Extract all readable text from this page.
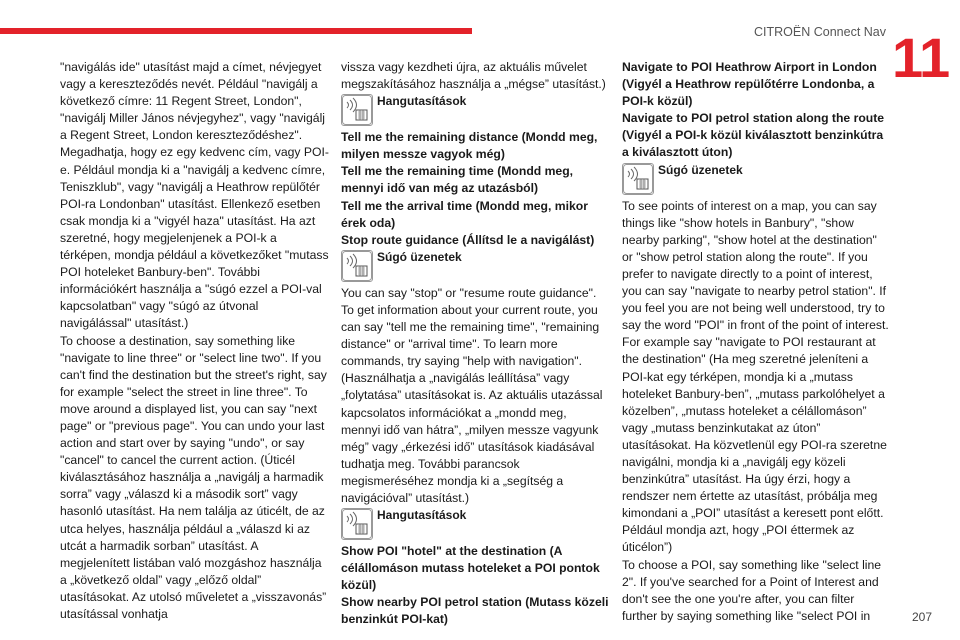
CITROËN Connect Nav 11

"navigálás ide" utasítást majd a címet, névjegyet vagy a kereszteződés nevét. Például "navigálj a következő címre: 11 Regent Street, London", "navigálj Miller János névjegyhez", vagy "navigálj a Regent Street, London kereszteződéshez". Megadhatja, hogy ez egy kedvenc cím, vagy POI-e. Például mondja ki a "navigálj a kedvenc címre, Teniszklub", vagy "navigálj a Heathrow repülőtér POI-ra Londonban" utasítást. Ellenkező esetben csak mondja ki a "vigyél haza" utasítást. Ha azt szeretné, hogy megjelenjenek a POI-k a térképen, mondja például a következőket "mutass POI hoteleket Banbury-ben". További információkért használja a "súgó ezzel a POI-val kapcsolatban" vagy "súgó az útvonal navigálással" utasítást.)

To choose a destination, say something like "navigate to line three" or "select line two". If you can't find the destination but the street's right, say for example "select the street in line three". To move around a displayed list, you can say "next page" or "previous page". You can undo your last action and start over by saying "undo", or say "cancel" to cancel the current action. (Úticél kiválasztásához használja a „navigálj a harmadik sorra” vagy „válaszd ki a második sort” vagy hasonló utasítást. Ha nem találja az úticélt, de az utca helyes, használja például a „válaszd ki az utcát a harmadik sorban” utasítást. A megjelenített listában való mozgáshoz használja a „következő oldal” vagy „előző oldal” utasításokat. Az utolsó műveletet a „visszavonás” utasítással vonhatja

vissza vagy kezdheti újra, az aktuális művelet megszakításához használja a „mégse” utasítást.)

Hangutasítások

Tell me the remaining distance (Mondd meg, milyen messze vagyok még)

Tell me the remaining time (Mondd meg, mennyi idő van még az utazásból)

Tell me the arrival time (Mondd meg, mikor érek oda)

Stop route guidance (Állítsd le a navigálást)

Súgó üzenetek

You can say "stop" or "resume route guidance". To get information about your current route, you can say "tell me the remaining time", "remaining distance" or "arrival time". To learn more commands, try saying "help with navigation". (Használhatja a „navigálás leállítása” vagy „folytatása” utasításokat is. Az aktuális utazással kapcsolatos információkat a „mondd meg, mennyi idő van hátra”, „milyen messze vagyunk még” vagy „érkezési idő” utasítások kiadásával tudhatja meg. További parancsok megismeréséhez mondja ki a „segítség a navigációval” utasítást.)

Hangutasítások

Show POI "hotel" at the destination (A célállomáson mutass hoteleket a POI pontok közül)

Show nearby POI petrol station (Mutass közeli benzinkút POI-kat)

Navigate to POI Heathrow Airport in London (Vigyél a Heathrow repülőtérre Londonba, a POI-k közül)

Navigate to POI petrol station along the route (Vigyél a POI-k közül kiválasztott benzinkútra a kiválasztott úton)

Súgó üzenetek

To see points of interest on a map, you can say things like "show hotels in Banbury", "show nearby parking", "show hotel at the destination" or "show petrol station along the route". If you prefer to navigate directly to a point of interest, you can say "navigate to nearby petrol station". If you feel you are not being well understood, try to say the word "POI" in front of the point of interest. For example say "navigate to POI restaurant at the destination" (Ha meg szeretné jeleníteni a POI-kat egy térképen, mondja ki a „mutass hoteleket Banbury-ben”, „mutass parkolóhelyet a közelben”, „mutass hoteleket a célállomáson” vagy „mutass benzinkutakat az úton” utasításokat. Ha közvetlenül egy POI-ra szeretne navigálni, mondja ki a „navigálj egy közeli benzinkútra” utasítást. Ha úgy érzi, hogy a rendszer nem értette az utasítást, próbálja meg kimondani a „POI” utasítást a keresett pont előtt. Például mondja azt, hogy „POI éttermek az úticélon”)

To choose a POI, say something like "select line 2". If you've searched for a Point of Interest and don't see the one you're after, you can filter further by saying something like "select POI in	207
